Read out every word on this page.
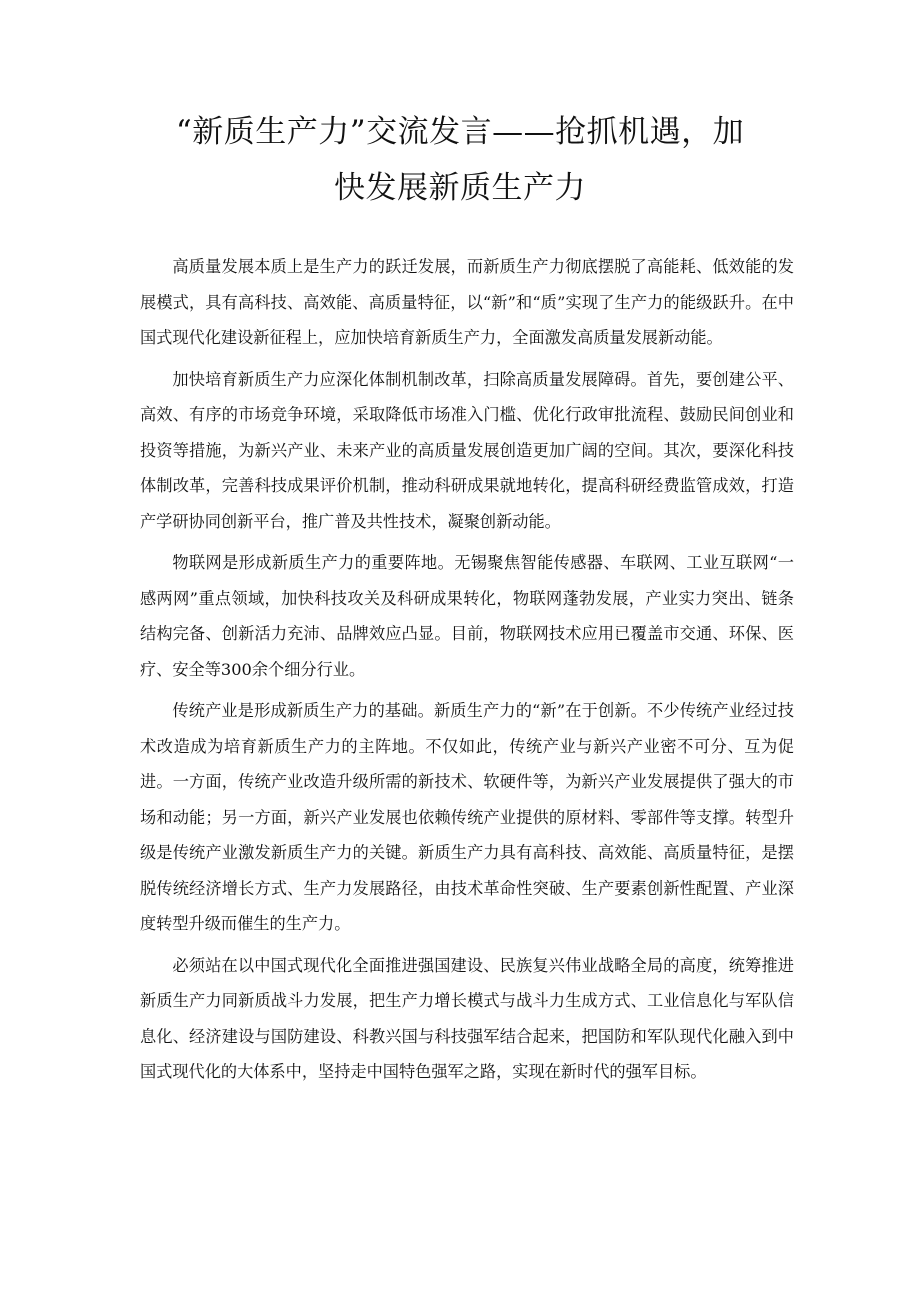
“新质生产力”交流发言——抢抓机遇，加
快发展新质生产力

高质量发展本质上是生产力的跃迁发展，而新质生产力彻底摆脱了高能耗、低效能的发展模式，具有高科技、高效能、高质量特征，以“新”和“质”实现了生产力的能级跃升。在中国式现代化建设新征程上，应加快培育新质生产力，全面激发高质量发展新动能。

加快培育新质生产力应深化体制机制改革，扫除高质量发展障碍。首先，要创建公平、高效、有序的市场竞争环境，采取降低市场准入门槛、优化行政审批流程、鼓励民间创业和投资等措施，为新兴产业、未来产业的高质量发展创造更加广阔的空间。其次，要深化科技体制改革，完善科技成果评价机制，推动科研成果就地转化，提高科研经费监管成效，打造产学研协同创新平台，推广普及共性技术，凝聚创新动能。

物联网是形成新质生产力的重要阵地。无锡聚焦智能传感器、车联网、工业互联网“一感两网”重点领域，加快科技攻关及科研成果转化，物联网蓬勃发展，产业实力突出、链条结构完备、创新活力充沛、品牌效应凸显。目前，物联网技术应用已覆盖市交通、环保、医疗、安全等300余个细分行业。

传统产业是形成新质生产力的基础。新质生产力的“新”在于创新。不少传统产业经过技术改造成为培育新质生产力的主阵地。不仅如此，传统产业与新兴产业密不可分、互为促进。一方面，传统产业改造升级所需的新技术、软硬件等，为新兴产业发展提供了强大的市场和动能；另一方面，新兴产业发展也依赖传统产业提供的原材料、零部件等支撑。转型升级是传统产业激发新质生产力的关键。新质生产力具有高科技、高效能、高质量特征，是摆脱传统经济增长方式、生产力发展路径，由技术革命性突破、生产要素创新性配置、产业深度转型升级而催生的生产力。

必须站在以中国式现代化全面推进强国建设、民族复兴伟业战略全局的高度，统筹推进新质生产力同新质战斗力发展，把生产力增长模式与战斗力生成方式、工业信息化与军队信息化、经济建设与国防建设、科教兴国与科技强军结合起来，把国防和军队现代化融入到中国式现代化的大体系中，坚持走中国特色强军之路，实现在新时代的强军目标。
